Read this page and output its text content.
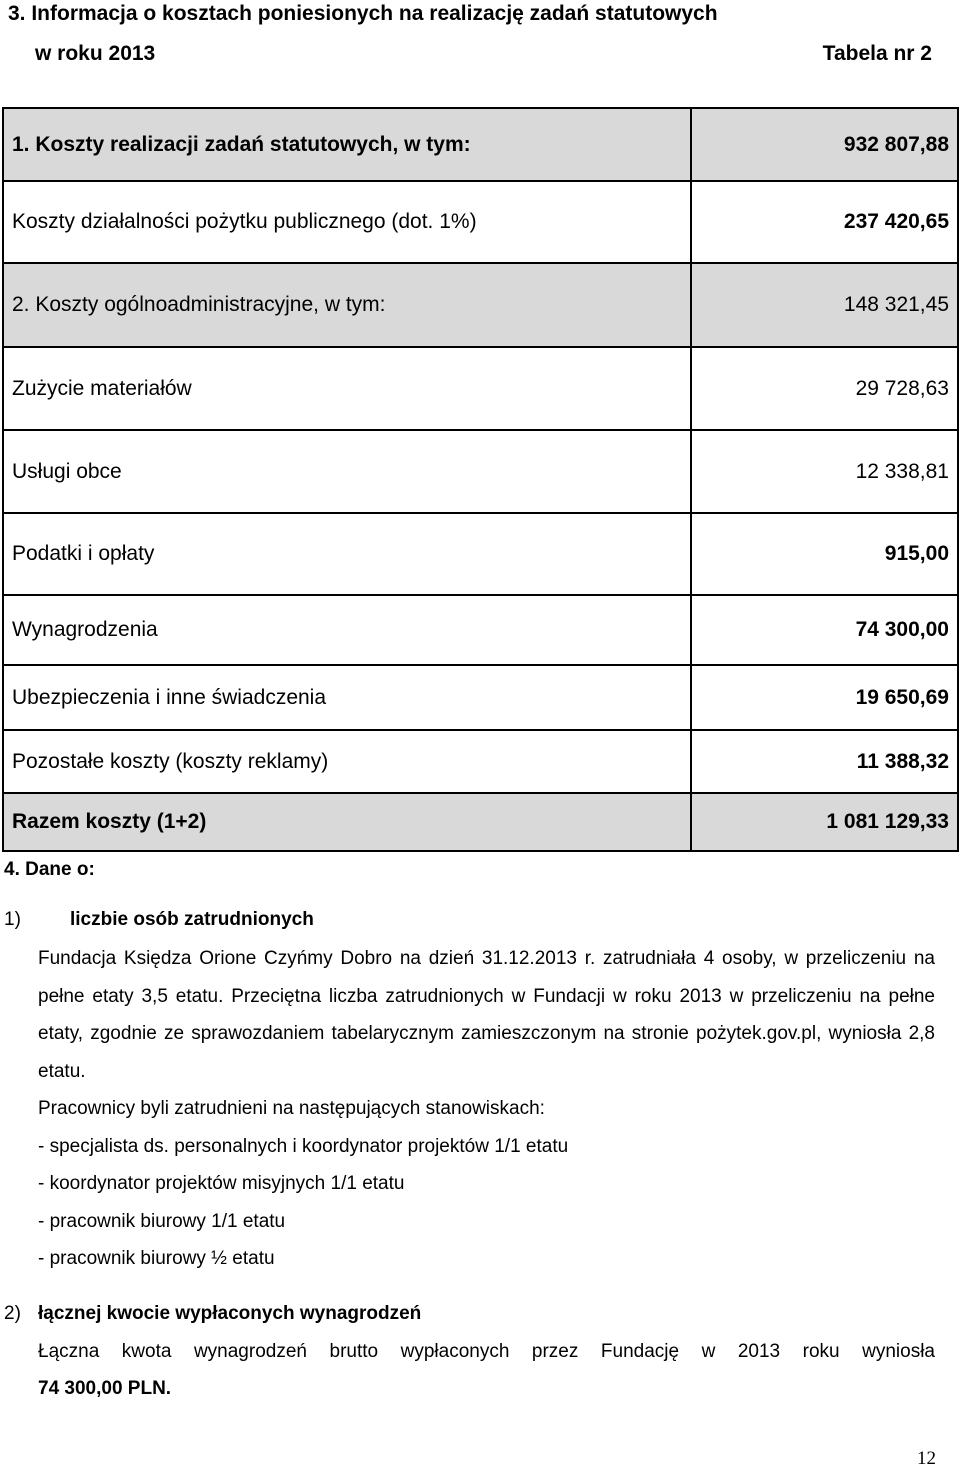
3. Informacja o kosztach poniesionych na realizację zadań statutowych
w roku 2013	Tabela nr 2
1. Koszty realizacji zadań statutowych, w tym:	932 807,88
Koszty działalności pożytku publicznego (dot. 1%)	237 420,65
2. Koszty ogólnoadministracyjne, w tym:	148 321,45
Zużycie materiałów	29 728,63
Usługi obce	12 338,81
Podatki i opłaty	915,00
Wynagrodzenia	74 300,00
Ubezpieczenia i inne świadczenia	19 650,69
Pozostałe koszty (koszty reklamy)	11 388,32
Razem koszty (1+2)	1 081 129,33
4. Dane o:
1)	liczbie osób zatrudnionych
Fundacja Księdza Orione Czyńmy Dobro na dzień 31.12.2013 r. zatrudniała 4 osoby, w przeliczeniu na pełne etaty 3,5 etatu. Przeciętna liczba zatrudnionych w Fundacji w roku 2013 w przeliczeniu na pełne etaty, zgodnie ze sprawozdaniem tabelarycznym zamieszczonym na stronie pożytek.gov.pl, wyniosła 2,8 etatu.
Pracownicy byli zatrudnieni na następujących stanowiskach:
- specjalista ds. personalnych i koordynator projektów 1/1 etatu
- koordynator projektów misyjnych 1/1 etatu
- pracownik biurowy 1/1 etatu
- pracownik biurowy ½ etatu
2) łącznej kwocie wypłaconych wynagrodzeń
Łączna kwota wynagrodzeń brutto wypłaconych przez Fundację w 2013 roku wyniosła
74 300,00 PLN.
12
